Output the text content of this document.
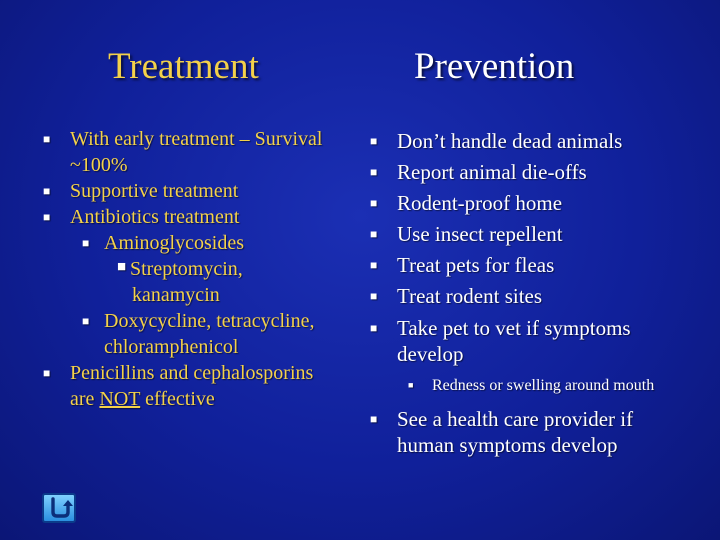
Treatment	Prevention
■ With early treatment – Survival ~100%
■ Supportive treatment
■ Antibiotics treatment
■ Aminoglycosides
■ Streptomycin,
kanamycin
■ Doxycycline, tetracycline, chloramphenicol
■ Penicillins and cephalosporins are NOT effective
■ Don’t handle dead animals
■ Report animal die-offs
■ Rodent-proof home
■ Use insect repellent
■ Treat pets for fleas
■ Treat rodent sites
■ Take pet to vet if symptoms develop
■ Redness or swelling around mouth
■ See a health care provider if human symptoms develop
